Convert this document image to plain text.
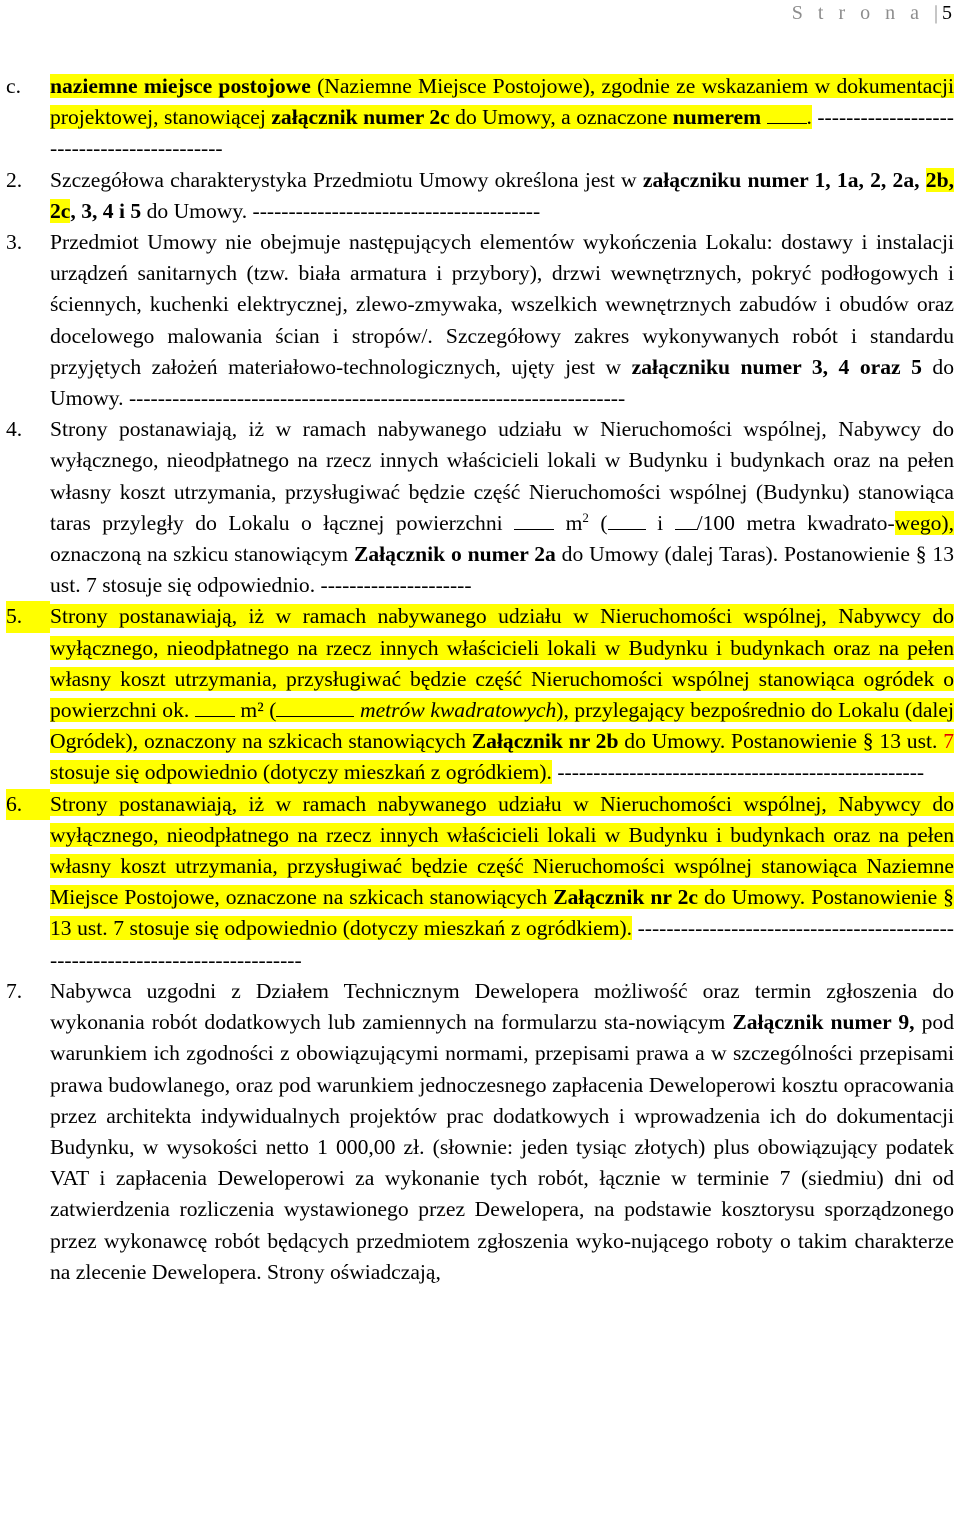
S t r o n a | 5
c.	naziemne miejsce postojowe (Naziemne Miejsce Postojowe), zgodnie ze wskazaniem w dokumentacji projektowej, stanowiącej załącznik numer 2c do Umowy, a oznaczone numerem . -------------------------------------------
2.	Szczegółowa charakterystyka Przedmiotu Umowy określona jest w załączniku numer 1, 1a, 2, 2a, 2b, 2c, 3, 4 i 5 do Umowy. ----------------------------------------
3.	Przedmiot Umowy nie obejmuje następujących elementów wykończenia Lokalu: dostawy i instalacji urządzeń sanitarnych (tzw. biała armatura i przybory), drzwi wewnętrznych, pokryć podłogowych i ściennych, kuchenki elektrycznej, zlewo-zmywaka, wszelkich wewnętrznych zabudów i obudów oraz docelowego malowania ścian i stropów/. Szczegółowy zakres wykonywanych robót i standardu przyjętych założeń materiałowo-technologicznych, ujęty jest w załączniku numer 3, 4 oraz 5 do Umowy. ---------------------------------------------------------------------
4.	Strony postanawiają, iż w ramach nabywanego udziału w Nieruchomości wspólnej, Nabywcy do wyłącznego, nieodpłatnego na rzecz innych właścicieli lokali w Budynku i budynkach oraz na pełen własny koszt utrzymania, przysługiwać będzie część Nieruchomości wspólnej (Budynku) stanowiąca taras przyległy do Lokalu o łącznej powierzchni  $m^2$ ( i /100 metra kwadrato-wego), oznaczoną na szkicu stanowiącym Załącznik o numer 2a do Umowy (dalej Taras). Postanowienie § 13 ust. 7 stosuje się odpowiednio. ---------------------
5.	Strony postanawiają, iż w ramach nabywanego udziału w Nieruchomości wspólnej, Nabywcy do wyłącznego, nieodpłatnego na rzecz innych właścicieli lokali w Budynku i budynkach oraz na pełen własny koszt utrzymania, przysługiwać będzie część Nieruchomości wspólnej stanowiąca ogródek o powierzchni ok.  m² (	metrów kwadratowych), przylegający bezpośrednio do Lokalu (dalej Ogródek), oznaczony na szkicach stanowiących Załącznik nr 2b do Umowy. Postanowienie § 13 ust. 7 stosuje się odpowiednio (dotyczy mieszkań z ogródkiem). ---------------------------------------------------
6.	Strony postanawiają, iż w ramach nabywanego udziału w Nieruchomości wspólnej, Nabywcy do wyłącznego, nieodpłatnego na rzecz innych właścicieli lokali w Budynku i budynkach oraz na pełen własny koszt utrzymania, przysługiwać będzie część Nieruchomości wspólnej stanowiąca Naziemne Miejsce Postojowe, oznaczone na szkicach stanowiących Załącznik nr 2c do Umowy. Postanowienie § 13 ust. 7 stosuje się odpowiednio (dotyczy mieszkań z ogródkiem). -------------------------------------------------------------------------------
7.	Nabywca uzgodni z Działem Technicznym Dewelopera możliwość oraz termin zgłoszenia do wykonania robót dodatkowych lub zamiennych na formularzu sta-nowiącym Załącznik numer 9, pod warunkiem ich zgodności z obowiązującymi normami, przepisami prawa a w szczególności przepisami prawa budowlanego, oraz pod warunkiem jednoczesnego zapłacenia Deweloperowi kosztu opracowania przez architekta indywidualnych projektów prac dodatkowych i wprowadzenia ich do dokumentacji Budynku, w wysokości netto 1 000,00 zł. (słownie: jeden tysiąc złotych) plus obowiązujący podatek VAT i zapłacenia Deweloperowi za wykonanie tych robót, łącznie w terminie 7 (siedmiu) dni od zatwierdzenia rozliczenia wystawionego przez Dewelopera, na podstawie kosztorysu sporządzonego przez wykonawcę robót będących przedmiotem zgłoszenia wyko-nującego roboty o takim charakterze na zlecenie Dewelopera. Strony oświadczają,
